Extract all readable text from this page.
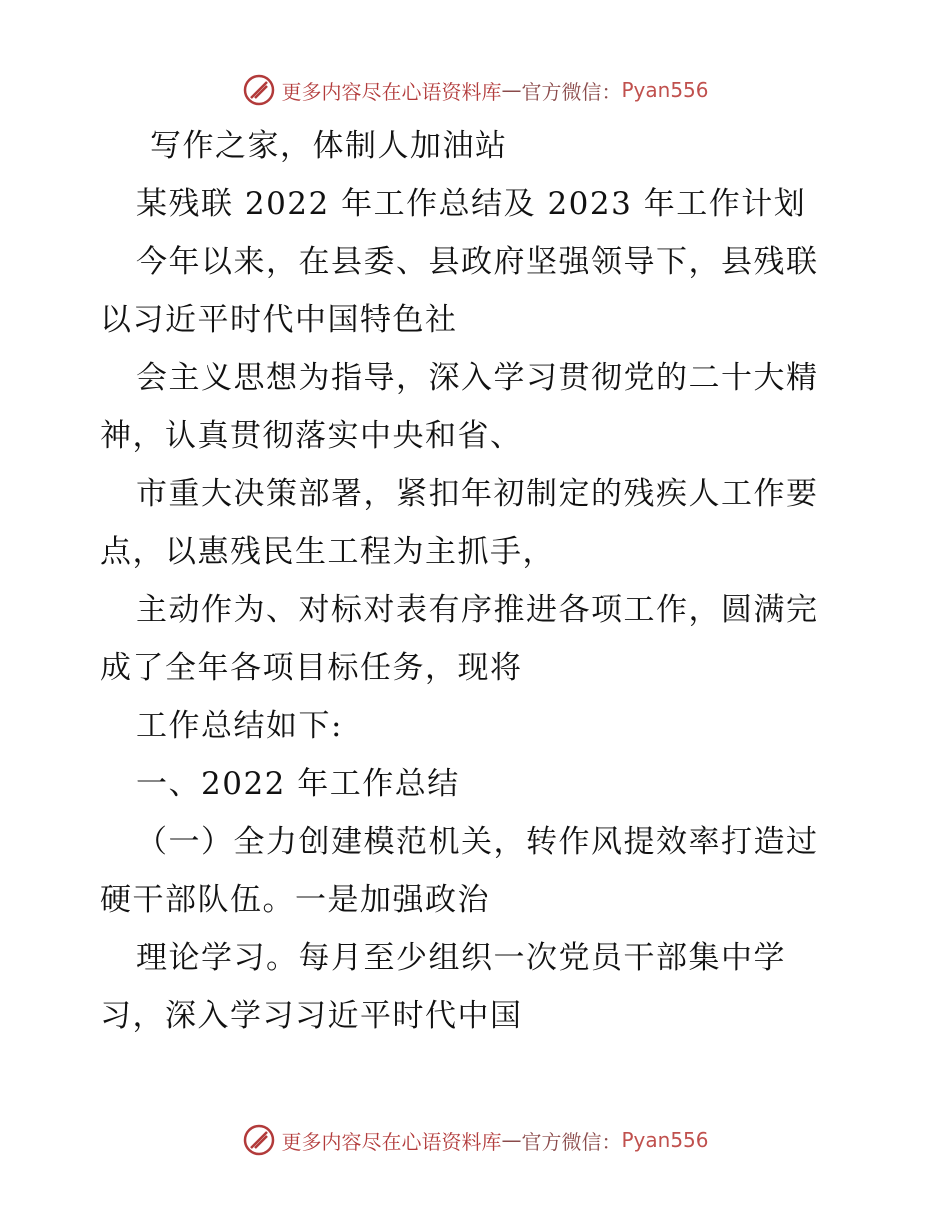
更多内容尽在心语资料库 — 官方微信： Pyan556
写作之家，体制人加油站
某残联 2022 年工作总结及 2023 年工作计划
今年以来，在县委、县政府坚强领导下，县残联
以习近平时代中国特色社
会主义思想为指导，深入学习贯彻党的二十大精
神，认真贯彻落实中央和省、
市重大决策部署，紧扣年初制定的残疾人工作要
点，以惠残民生工程为主抓手，
主动作为、对标对表有序推进各项工作，圆满完
成了全年各项目标任务，现将
工作总结如下:
一、2022 年工作总结
（一）全力创建模范机关，转作风提效率打造过
硬干部队伍。一是加强政治
理论学习。每月至少组织一次党员干部集中学
习，深入学习习近平时代中国
更多内容尽在心语资料库 — 官方微信： Pyan556
